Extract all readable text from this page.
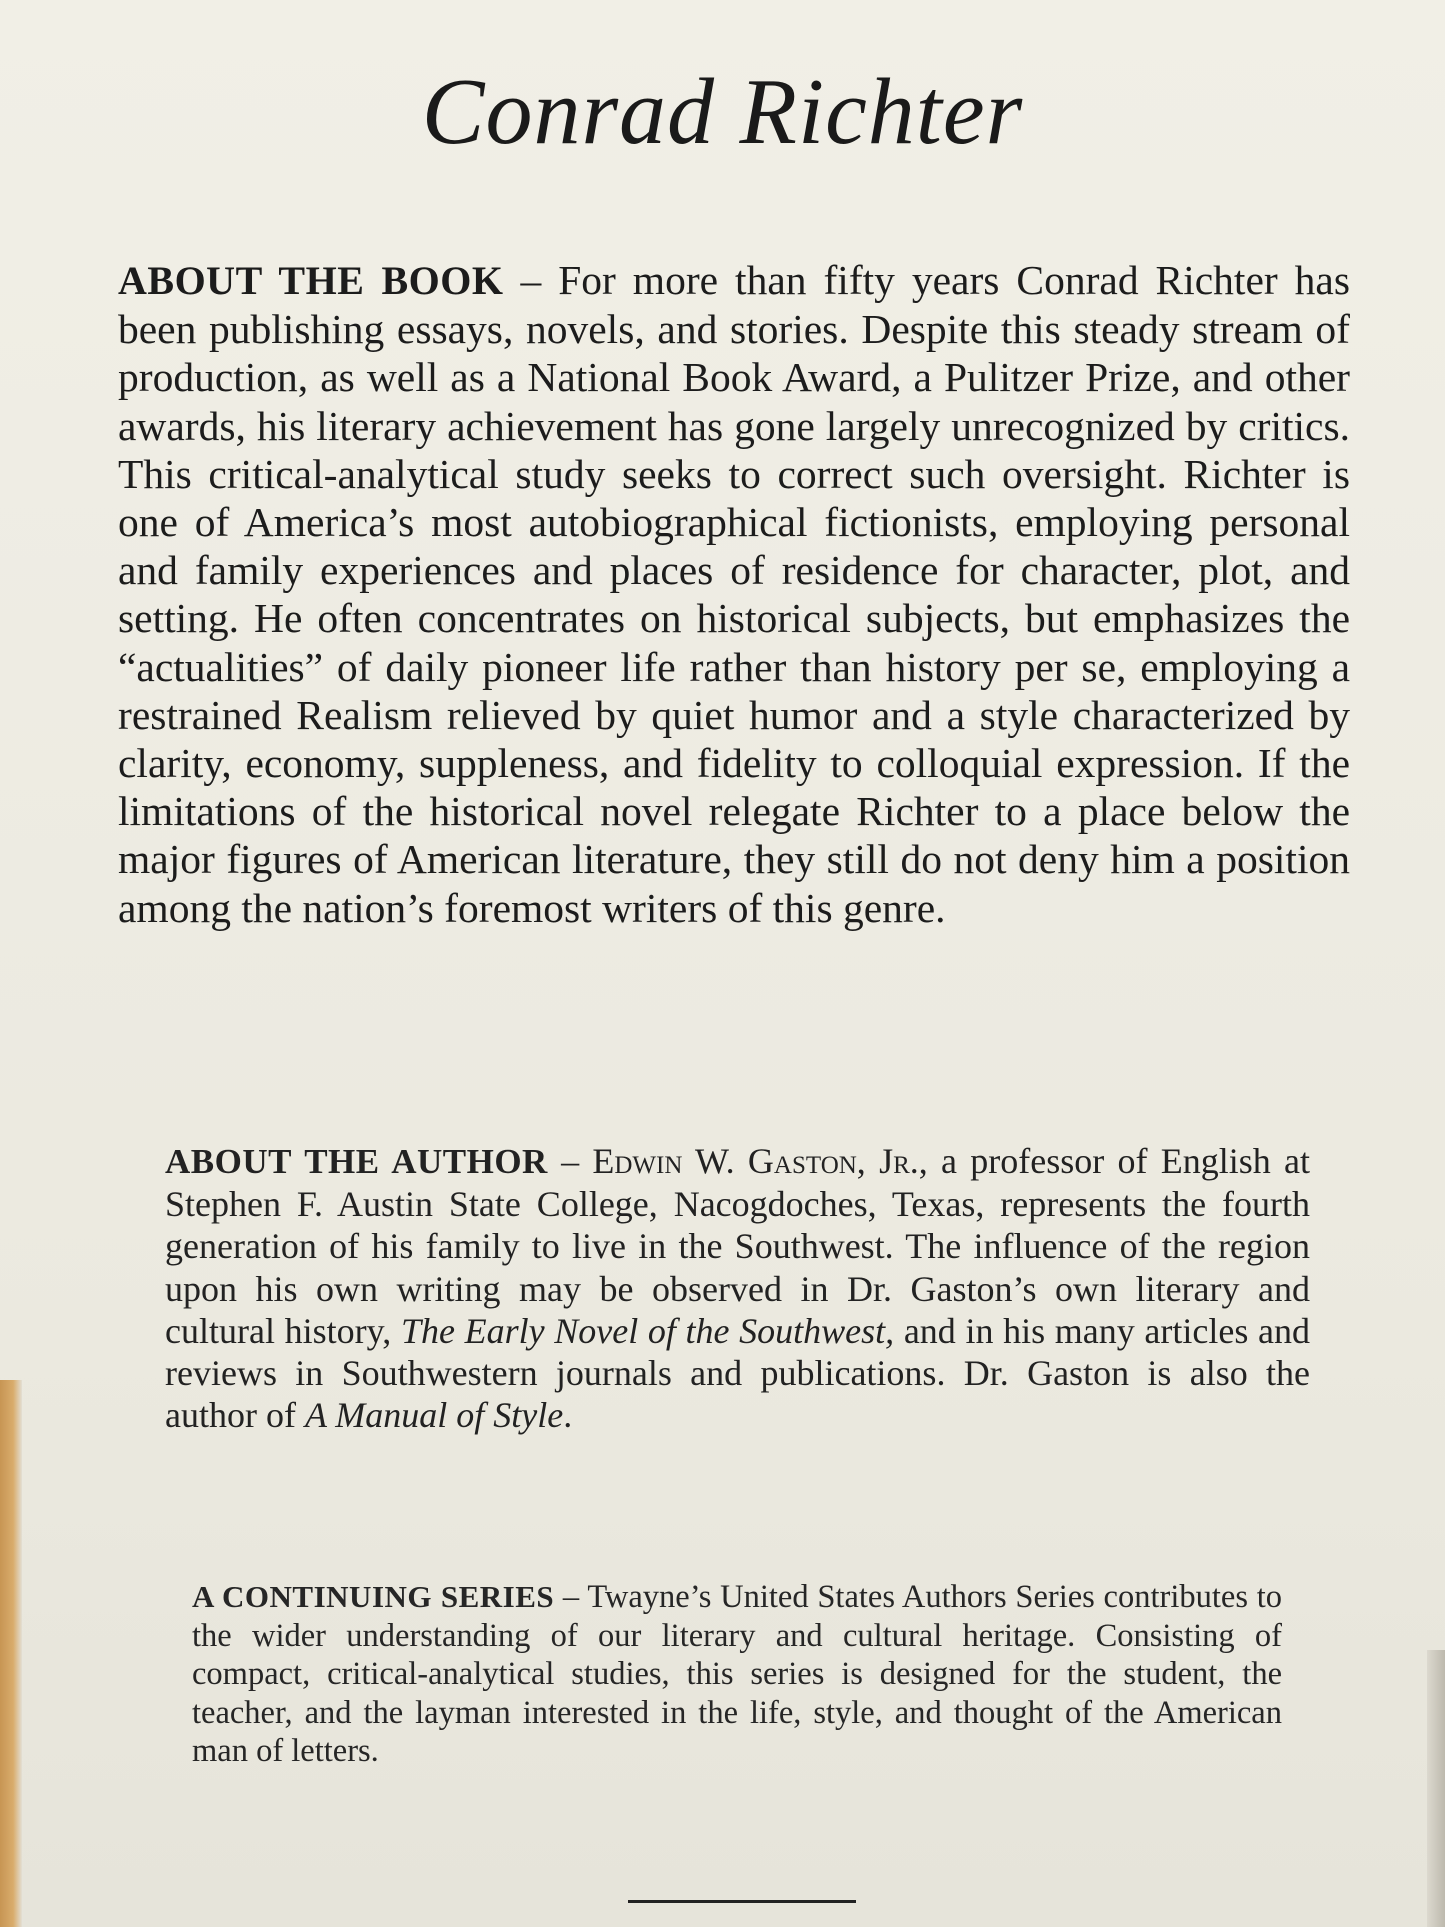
Conrad Richter

ABOUT THE BOOK – For more than fifty years Conrad Richter has been publishing essays, novels, and stories. Despite this steady stream of production, as well as a National Book Award, a Pulitzer Prize, and other awards, his literary achievement has gone largely unrecognized by critics. This critical-analytical study seeks to correct such oversight. Richter is one of America’s most autobiographical fictionists, employing personal and family experiences and places of residence for character, plot, and setting. He often concentrates on historical subjects, but emphasizes the “actualities” of daily pioneer life rather than history per se, employing a restrained Realism relieved by quiet humor and a style characterized by clarity, economy, suppleness, and fidelity to colloquial expression. If the limitations of the historical novel relegate Richter to a place below the major figures of American literature, they still do not deny him a position among the nation’s foremost writers of this genre.

ABOUT THE AUTHOR – Edwin W. Gaston, Jr., a professor of English at Stephen F. Austin State College, Nacogdoches, Texas, represents the fourth generation of his family to live in the Southwest. The influence of the region upon his own writing may be observed in Dr. Gaston’s own literary and cultural history, The Early Novel of the Southwest, and in his many articles and reviews in Southwestern journals and publications. Dr. Gaston is also the author of A Manual of Style.

A CONTINUING SERIES – Twayne’s United States Authors Series contributes to the wider understanding of our literary and cultural heritage. Consisting of compact, critical-analytical studies, this series is designed for the student, the teacher, and the layman interested in the life, style, and thought of the American man of letters.
